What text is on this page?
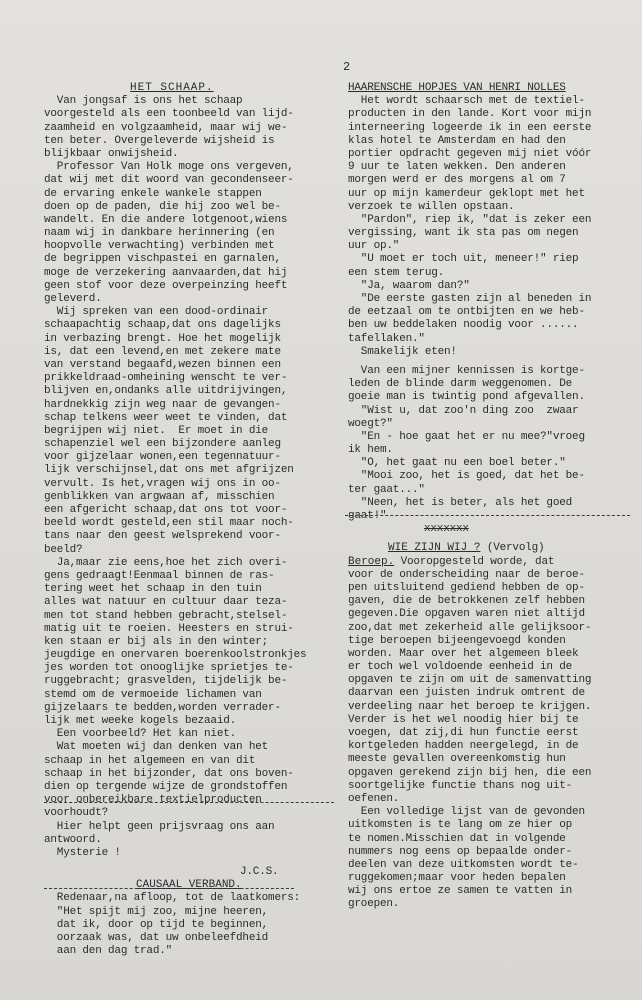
2
HET SCHAAP.
Van jongsaf is ons het schaap
voorgesteld als een toonbeeld van lijd-
zaamheid en volgzaamheid, maar wij we-
ten beter. Overgeleverde wijsheid is
blijkbaar onwijsheid.
Professor Van Holk moge ons vergeven,
dat wij met dit woord van gecondenseer-
de ervaring enkele wankele stappen
doen op de paden, die hij zoo wel be-
wandelt. En die andere lotgenoot,wiens
naam wij in dankbare herinnering (en
hoopvolle verwachting) verbinden met
de begrippen vischpastei en garnalen,
moge de verzekering aanvaarden,dat hij
geen stof voor deze overpeinzing heeft
geleverd.
Wij spreken van een dood-ordinair
schaapachtig schaap,dat ons dagelijks
in verbazing brengt. Hoe het mogelijk
is, dat een levend,en met zekere mate
van verstand begaafd,wezen binnen een
prikkeldraad-omheining wenscht te ver-
blijven en,ondanks alle uitdrijvingen,
hardnekkig zijn weg naar de gevangen-
schap telkens weer weet te vinden, dat
begrijpen wij niet.  Er moet in die
schapenziel wel een bijzondere aanleg
voor gijzelaar wonen,een tegennatuur-
lijk verschijnsel,dat ons met afgrijzen
vervult. Is het,vragen wij ons in oo-
genblikken van argwaan af, misschien
een afgericht schaap,dat ons tot voor-
beeld wordt gesteld,een stil maar noch-
tans naar den geest welsprekend voor-
beeld?
Ja,maar zie eens,hoe het zich overi-
gens gedraagt!Eenmaal binnen de ras-
tering weet het schaap in den tuin
alles wat natuur en cultuur daar teza-
men tot stand hebben gebracht,stelsel-
matig uit te roeien. Heesters en strui-
ken staan er bij als in den winter;
jeugdige en onervaren boerenkoolstronkjes
jes worden tot onooglijke sprietjes te-
ruggebracht; grasvelden, tijdelijk be-
stemd om de vermoeide lichamen van
gijzelaars te bedden,worden verrader-
lijk met weeke kogels bezaaid.
Een voorbeeld? Het kan niet.
Wat moeten wij dan denken van het
schaap in het algemeen en van dit
schaap in het bijzonder, dat ons boven-
dien op tergende wijze de grondstoffen
voor onbereikbare textielproducten
voorhoudt?
Hier helpt geen prijsvraag ons aan
antwoord.
Mysterie !
J.C.S.
CAUSAAL VERBAND.
Redenaar,na afloop, tot de laatkomers:
"Het spijt mij zoo, mijne heeren,
dat ik, door op tijd te beginnen,
oorzaak was, dat uw onbeleefdheid
aan den dag trad."
HAARENSCHE HOPJES VAN HENRI NOLLES
Het wordt schaarsch met de textiel-
producten in den lande. Kort voor mijn
interneering logeerde ik in een eerste
klas hotel te Amsterdam en had den
portier opdracht gegeven mij niet vóór
9 uur te laten wekken. Den anderen
morgen werd er des morgens al om 7
uur op mijn kamerdeur geklopt met het
verzoek te willen opstaan.
"Pardon", riep ik, "dat is zeker een
vergissing, want ik sta pas om negen
uur op."
"U moet er toch uit, meneer!" riep
een stem terug.
"Ja, waarom dan?"
"De eerste gasten zijn al beneden in
de eetzaal om te ontbijten en we heb-
ben uw beddelaken noodig voor ......
tafellaken."
Smakelijk eten!
Van een mijner kennissen is kortge-
leden de blinde darm weggenomen. De
goeie man is twintig pond afgevallen.
"Wist u, dat zoo'n ding zoo  zwaar
woegt?"
"En - hoe gaat het er nu mee?"vroeg
ik hem.
"O, het gaat nu een boel beter."
"Mooi zoo, het is goed, dat het be-
ter gaat..."
"Neen, het is beter, als het goed
gaat!"
xxxxxxx
WIE ZIJN WIJ ? (Vervolg)
Beroep. Vooropgesteld worde, dat
voor de onderscheiding naar de beroe-
pen uitsluitend gediend hebben de op-
gaven, die de betrokkenen zelf hebben
gegeven.Die opgaven waren niet altijd
zoo,dat met zekerheid alle gelijksoor-
tige beroepen bijeengevoegd konden
worden. Maar over het algemeen bleek
er toch wel voldoende eenheid in de
opgaven te zijn om uit de samenvatting
daarvan een juisten indruk omtrent de
verdeeling naar het beroep te krijgen.
Verder is het wel noodig hier bij te
voegen, dat zij,di hun functie eerst
kortgeleden hadden neergelegd, in de
meeste gevallen overeenkomstig hun
opgaven gerekend zijn bij hen, die een
soortgelijke functie thans nog uit-
oefenen.
Een volledige lijst van de gevonden
uitkomsten is te lang om ze hier op
te nomen.Misschien dat in volgende
nummers nog eens op bepaalde onder-
deelen van deze uitkomsten wordt te-
ruggekomen;maar voor heden bepalen
wij ons ertoe ze samen te vatten in
groepen.
